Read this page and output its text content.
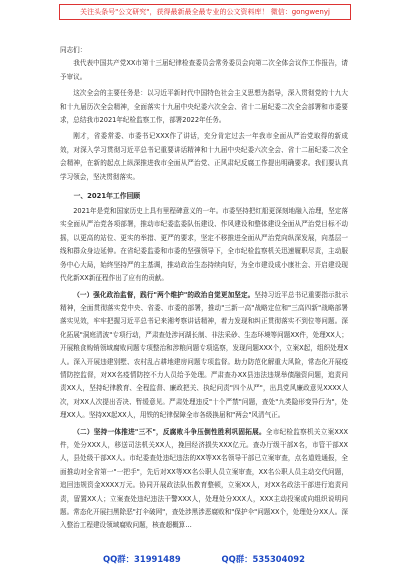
关注头条号"公文研究"，获得最新最全最专业的公文资料库！ 微信：gongwenyj

同志们：

我代表中国共产党XX市第十三届纪律检查委员会常务委员会向第二次全体会议作工作报告，请予审议。

这次全会的主要任务是：以习近平新时代中国特色社会主义思想为指导，深入贯彻党的十九大和十九届历次全会精神，全面落实十九届中央纪委六次全会、省十二届纪委二次全会部署和市委要求，总结我市2021年纪检监察工作，部署2022年任务。

刚才，省委常委、市委书记XXX作了讲话，充分肯定过去一年我市全面从严治党取得的新成效，对深入学习贯彻习近平总书记重要讲话精神和十九届中央纪委六次全会、省十二届纪委二次全会精神，在新的起点上纵深推进我市全面从严治党、正风肃纪反腐工作提出明确要求。我们要认真学习领会，坚决贯彻落实。

一、2021年工作回顾

2021年是党和国家历史上具有里程碑意义的一年。市委坚持把红船更深刻地融入治理，坚定落实全面从严治党各项部署，推动市纪委监委队伍建设、作风建设和整体建设全面从严治党目标不动摇，以更高的站位、更实的举措、更严的要求，坚定不移推进全面从严治党向纵深发展，向基层一线和群众身边延伸。在省纪委监委和市委的坚强领导下，全市纪检监察机关迅速履职尽责，主动服务中心大局，始终坚持严的主基调，推动政治生态持续向好，为全市建设成小康社会、开启建设现代化新XX新征程作出了应有的贡献。

（一）强化政治监督，践行"两个维护"的政治自觉更加坚定。坚持习近平总书记重要指示批示精神，全面贯彻落实党中央、省委、市委的部署，推动"三新一高"战略定位和"三高四新"战略部署落实见效，牢牢把握习近平总书记来湘考察讲话精神，着力发现和纠正贯彻落实不到位等问题。深化拓展"洞庭清波"专项行动，严肃查处涉河湖长制、非法采砂、生态环境等问题XX件，处理XX人；开展粮食购销领域腐败问题专项整治和涉粮问题专项巡察，发现问题XXX个，立案X起，组织处理X人。深入开展违建别墅、农村乱占耕地建房问题专项监督。助力防范化解重大风险，常态化开展疫情防控监督，对XX名疫情防控不力人员给予处理。严肃查办XX县违法违规举债融资问题，追责问责XX人，坚持纪律教育、全程监督、廉政把关、执纪问责"四个从严"，出具党风廉政意见XXXX人次，对XX人次提出否决、暂缓意见。严肃处理违反"十个严禁"问题，查处"九类隐形变异行为"，处理XX人。坚持XX起XX人，用铁的纪律保障全市各级换届和"两会"风清气正。

（二）坚持一体推进"三不"，反腐败斗争压倒性胜利巩固拓展。全市纪检监察机关立案XXX件，处分XXX人，移送司法机关XX人，挽回经济损失XXX亿元。查办厅级干部X名，市管干部XX人，县处级干部XX人。市纪委查处违纪违法的XX等XX名领导干部已立案审查，点名道姓通报，全面推动对全省第一"一把手"，先后对XX等XX名公职人员立案审查，XX名公职人员主动交代问题，追回违规资金XXXX万元。协同开展政法队伍教育整顿，立案XX人，对XX名政法干部进行追责问责，留置XX人；立案查处违纪违法干警XXX人，处理处分XXX人，XXX主动投案或向组织说明问题。常态化开展扫黑除恶"打伞破网"，查处涉黑涉恶腐败和"保护伞"问题XX个，处理处分XX人。深入整治工程建设领域腐败问题，核查超概算…

QQ群：31991489	QQ群：535304092
